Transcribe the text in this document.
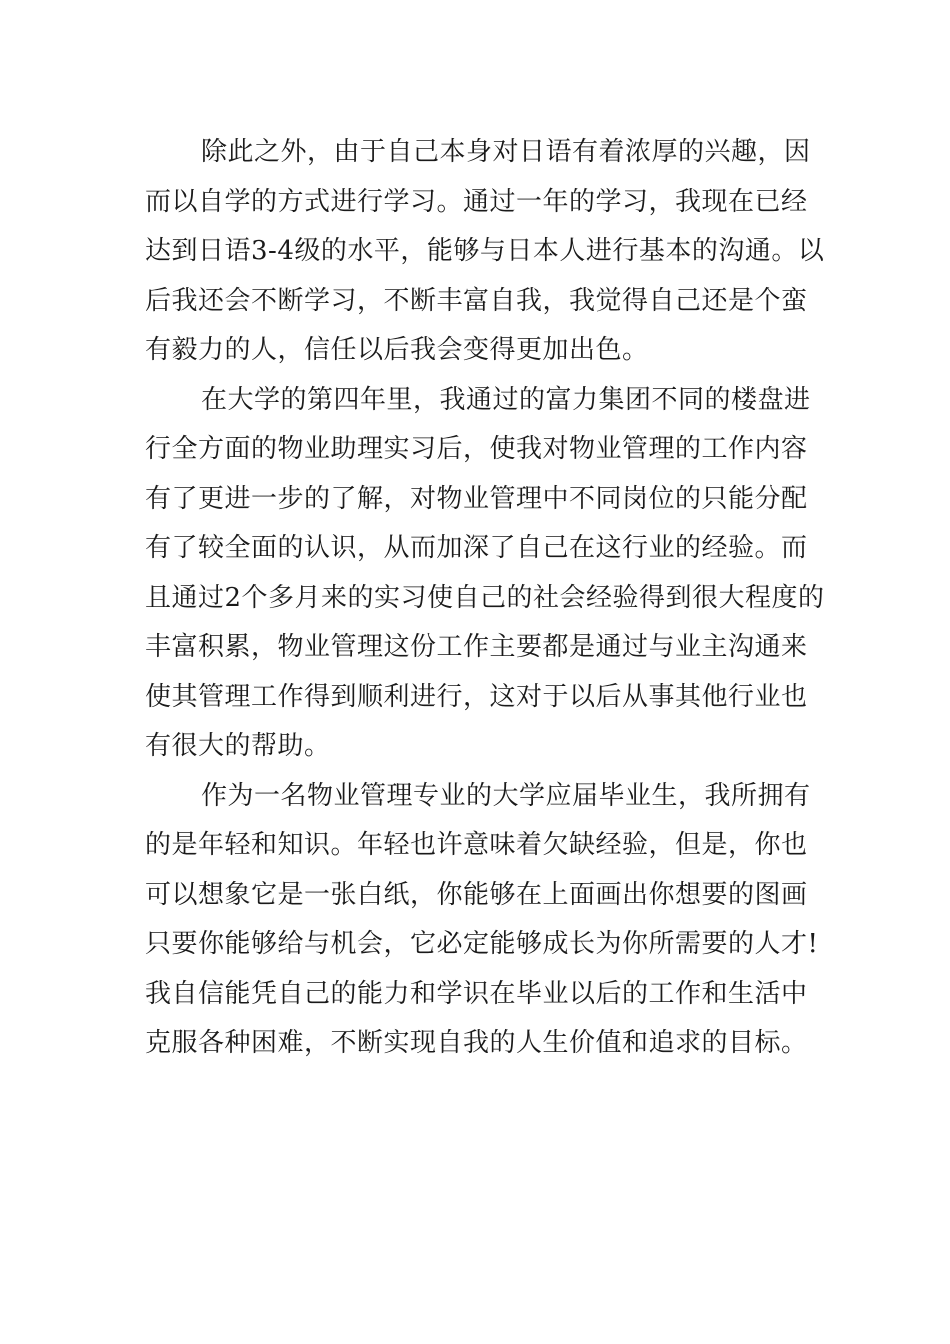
除此之外，由于自己本身对日语有着浓厚的兴趣，因
而以自学的方式进行学习。通过一年的学习，我现在已经
达到日语3-4级的水平，能够与日本人进行基本的沟通。以
后我还会不断学习，不断丰富自我，我觉得自己还是个蛮
有毅力的人，信任以后我会变得更加出色。

在大学的第四年里，我通过的富力集团不同的楼盘进
行全方面的物业助理实习后，使我对物业管理的工作内容
有了更进一步的了解，对物业管理中不同岗位的只能分配
有了较全面的认识，从而加深了自己在这行业的经验。而
且通过2个多月来的实习使自己的社会经验得到很大程度的
丰富积累，物业管理这份工作主要都是通过与业主沟通来
使其管理工作得到顺利进行，这对于以后从事其他行业也
有很大的帮助。

作为一名物业管理专业的大学应届毕业生，我所拥有
的是年轻和知识。年轻也许意味着欠缺经验，但是，你也
可以想象它是一张白纸，你能够在上面画出你想要的图画
只要你能够给与机会，它必定能够成长为你所需要的人才!
我自信能凭自己的能力和学识在毕业以后的工作和生活中
克服各种困难，不断实现自我的人生价值和追求的目标。
